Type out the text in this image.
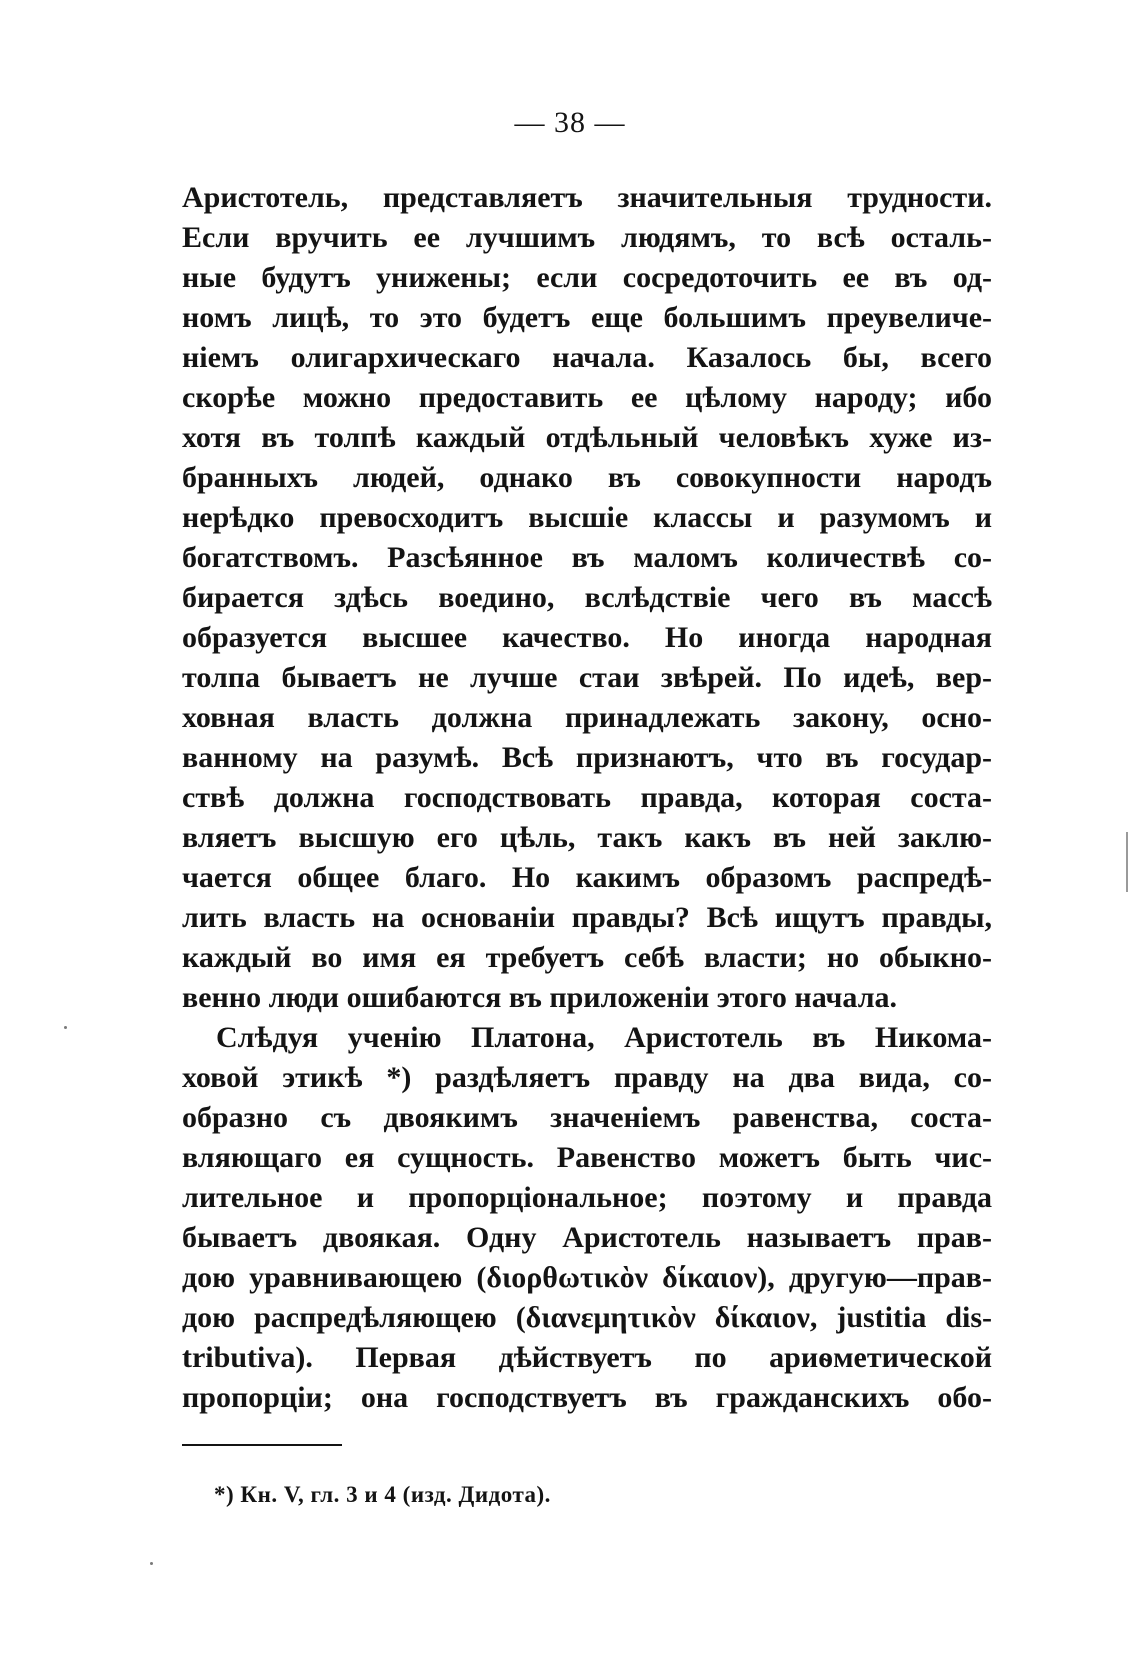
— 38 —
Аристотель, представляетъ значительныя трудности.
Если вручить ее лучшимъ людямъ, то всѣ осталь-
ные будутъ унижены; если сосредоточить ее въ од-
номъ лицѣ, то это будетъ еще большимъ преувеличе-
ніемъ олигархическаго начала. Казалось бы, всего
скорѣе можно предоставить ее цѣлому народу; ибо
хотя въ толпѣ каждый отдѣльный человѣкъ хуже из-
бранныхъ людей, однако въ совокупности народъ
нерѣдко превосходитъ высшіе классы и разумомъ и
богатствомъ. Разсѣянное въ маломъ количествѣ со-
бирается здѣсь воедино, вслѣдствіе чего въ массѣ
образуется высшее качество. Но иногда народная
толпа бываетъ не лучше стаи звѣрей. По идеѣ, вер-
ховная власть должна принадлежать закону, осно-
ванному на разумѣ. Всѣ признаютъ, что въ государ-
ствѣ должна господствовать правда, которая соста-
вляетъ высшую его цѣль, такъ какъ въ ней заклю-
чается общее благо. Но какимъ образомъ распредѣ-
лить власть на основаніи правды? Всѣ ищутъ правды,
каждый во имя ея требуетъ себѣ власти; но обыкно-
венно люди ошибаются въ приложеніи этого начала.
Слѣдуя ученію Платона, Аристотель въ Никома-
ховой этикѣ *) раздѣляетъ правду на два вида, со-
образно съ двоякимъ значеніемъ равенства, соста-
вляющаго ея сущность. Равенство можетъ быть чис-
лительное и пропорціональное; поэтому и правда
бываетъ двоякая. Одну Аристотель называетъ прав-
дою уравнивающею (διορθωτικὸν δίκαιον), другую—прав-
дою распредѣляющею (διανεμητικὸν δίκαιον, justitia dis-
tributiva). Первая дѣйствуетъ по ариѳметической
пропорціи; она господствуетъ въ гражданскихъ обо-
*) Кн. V, гл. 3 и 4 (изд. Дидота).
